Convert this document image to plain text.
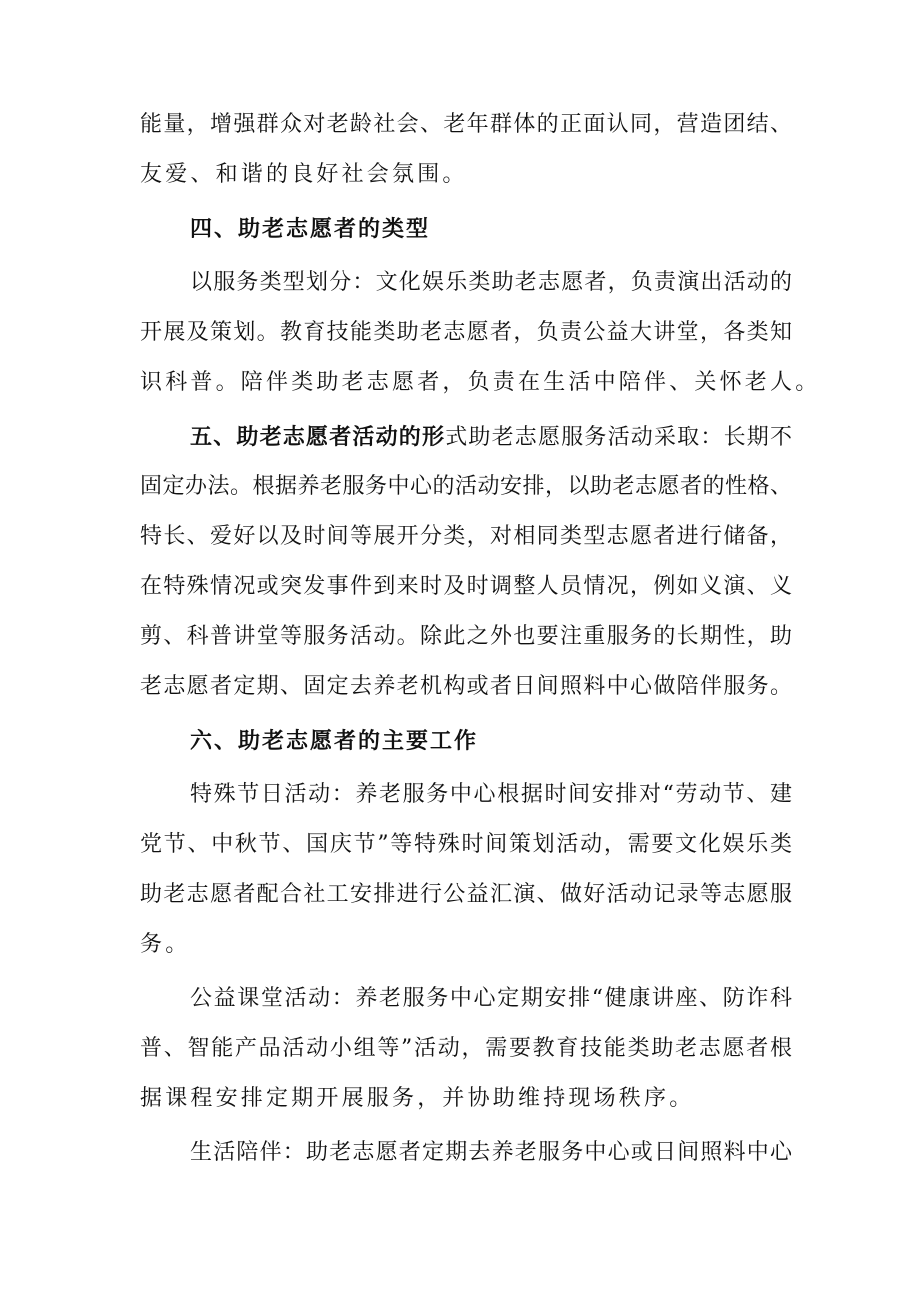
能量，增强群众对老龄社会、老年群体的正面认同，营造团结、
友爱、和谐的良好社会氛围。
四、助老志愿者的类型
以服务类型划分：文化娱乐类助老志愿者，负责演出活动的
开展及策划。教育技能类助老志愿者，负责公益大讲堂，各类知
识科普。陪伴类助老志愿者，负责在生活中陪伴、关怀老人。
五、助老志愿者活动的形式助老志愿服务活动采取：长期不
固定办法。根据养老服务中心的活动安排，以助老志愿者的性格、
特长、爱好以及时间等展开分类，对相同类型志愿者进行储备，
在特殊情况或突发事件到来时及时调整人员情况，例如义演、义
剪、科普讲堂等服务活动。除此之外也要注重服务的长期性，助
老志愿者定期、固定去养老机构或者日间照料中心做陪伴服务。
六、助老志愿者的主要工作
特殊节日活动：养老服务中心根据时间安排对“劳动节、建
党节、中秋节、国庆节”等特殊时间策划活动，需要文化娱乐类
助老志愿者配合社工安排进行公益汇演、做好活动记录等志愿服
务。
公益课堂活动：养老服务中心定期安排“健康讲座、防诈科
普、智能产品活动小组等”活动，需要教育技能类助老志愿者根
据课程安排定期开展服务，并协助维持现场秩序。
生活陪伴：助老志愿者定期去养老服务中心或日间照料中心
